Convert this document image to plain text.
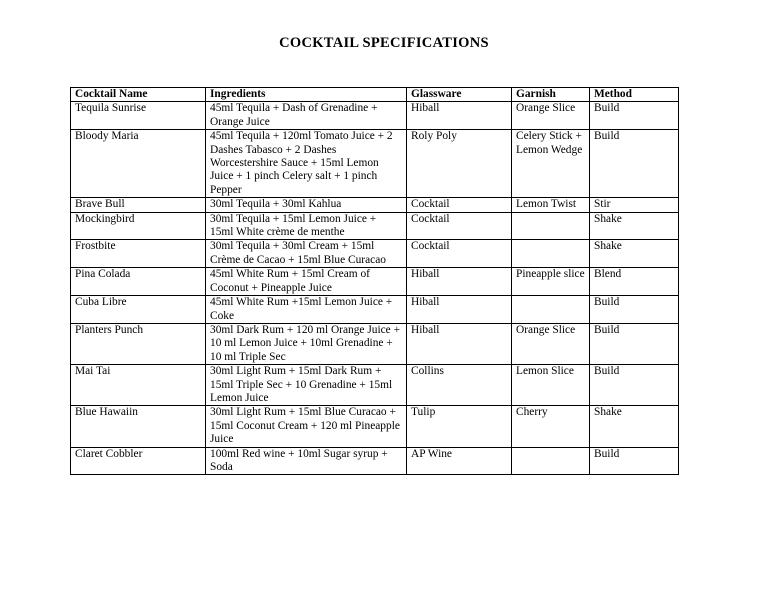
COCKTAIL SPECIFICATIONS
Cocktail Name	Ingredients	Glassware	Garnish	Method
Tequila Sunrise	45ml Tequila + Dash of Grenadine + Orange Juice	Hiball	Orange Slice	Build
Bloody Maria	45ml Tequila + 120ml Tomato Juice + 2 Dashes Tabasco + 2 Dashes Worcestershire Sauce + 15ml Lemon Juice + 1 pinch Celery salt + 1 pinch Pepper	Roly Poly	Celery Stick + Lemon Wedge	Build
Brave Bull	30ml Tequila + 30ml Kahlua	Cocktail	Lemon Twist	Stir
Mockingbird	30ml Tequila + 15ml Lemon Juice + 15ml White crème de menthe	Cocktail		Shake
Frostbite	30ml Tequila + 30ml Cream + 15ml Crème de Cacao + 15ml Blue Curacao	Cocktail		Shake
Pina Colada	45ml White Rum + 15ml Cream of Coconut + Pineapple Juice	Hiball	Pineapple slice	Blend
Cuba Libre	45ml White Rum +15ml Lemon Juice + Coke	Hiball		Build
Planters Punch	30ml Dark Rum + 120 ml Orange Juice + 10 ml Lemon Juice + 10ml Grenadine + 10 ml Triple Sec	Hiball	Orange Slice	Build
Mai Tai	30ml Light Rum + 15ml Dark Rum + 15ml Triple Sec + 10 Grenadine + 15ml Lemon Juice	Collins	Lemon Slice	Build
Blue Hawaiin	30ml Light Rum + 15ml Blue Curacao + 15ml Coconut Cream + 120 ml Pineapple Juice	Tulip	Cherry	Shake
Claret Cobbler	100ml Red wine + 10ml Sugar syrup + Soda	AP Wine		Build
